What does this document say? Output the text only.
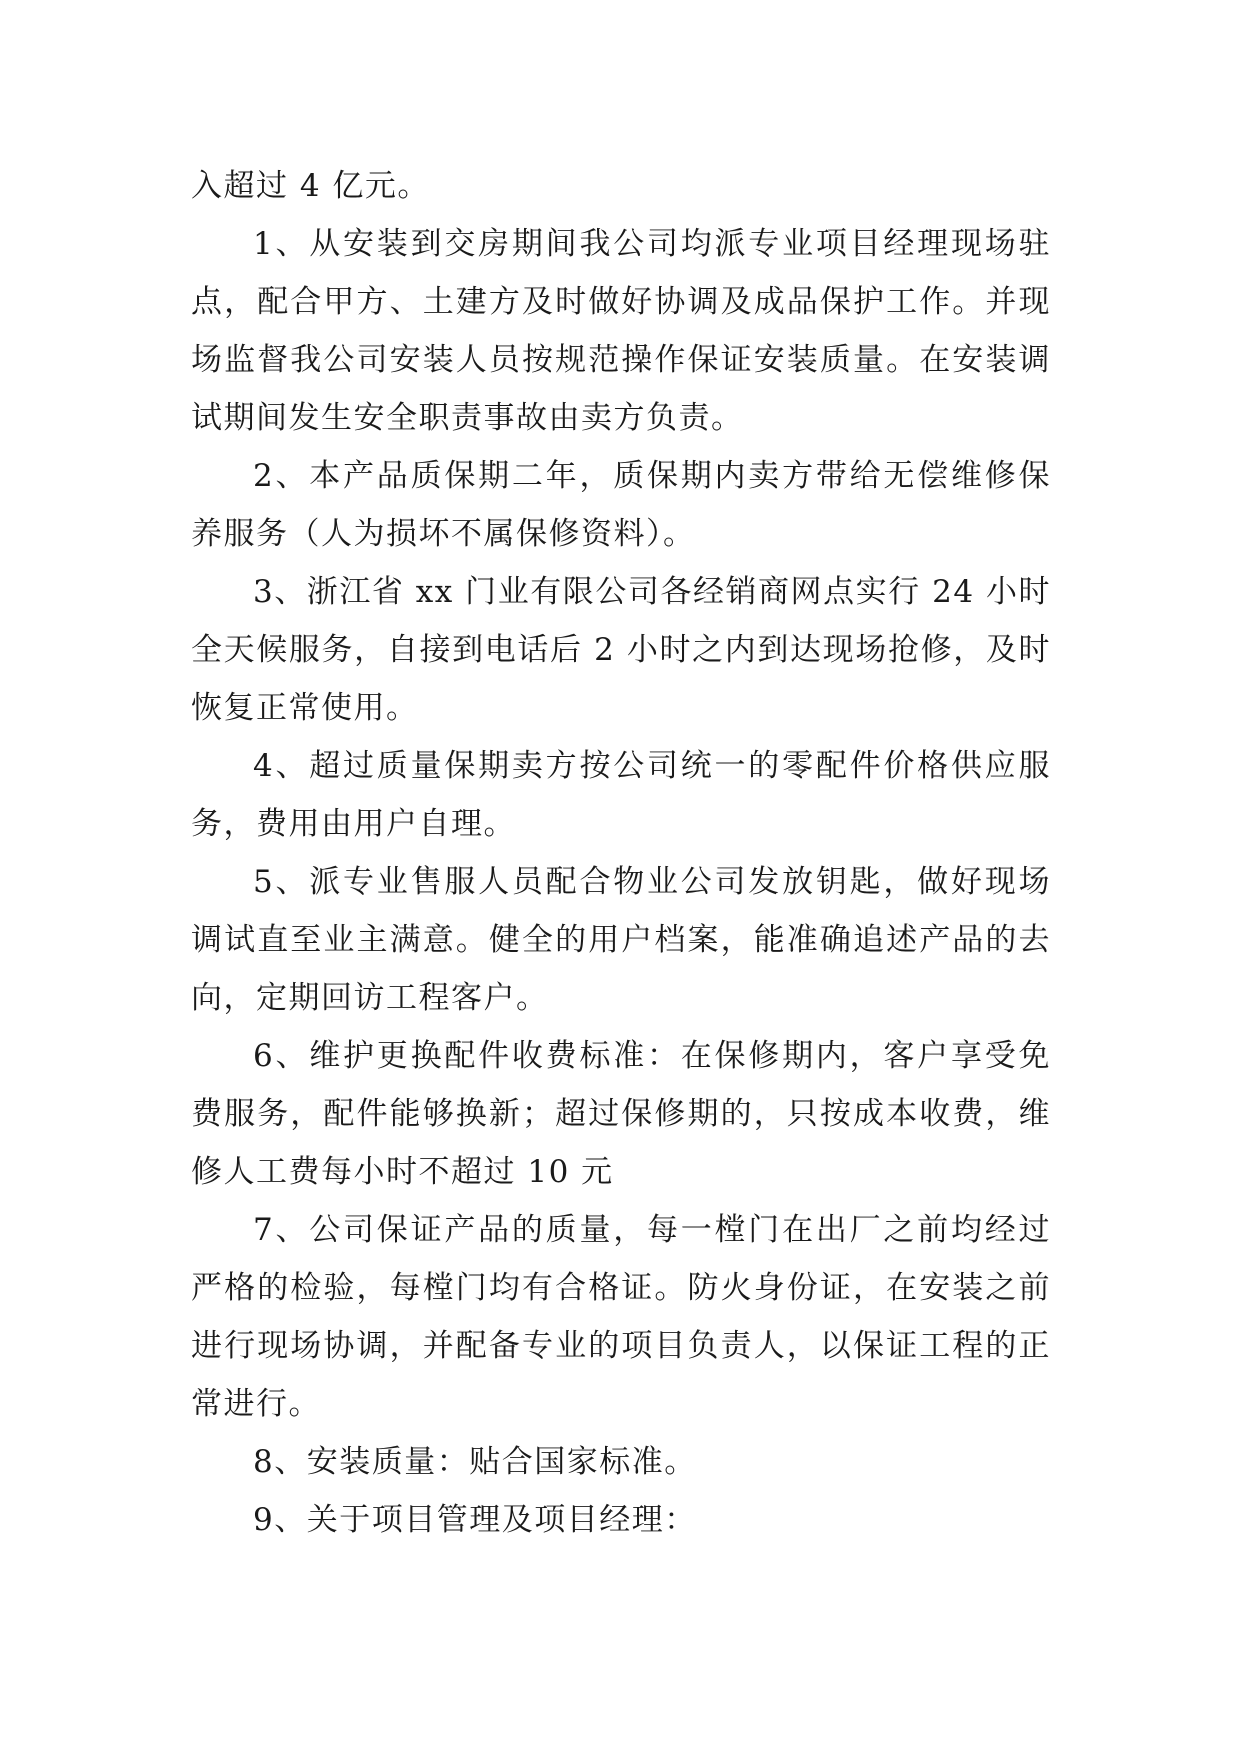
入超过 4 亿元。

1、从安装到交房期间我公司均派专业项目经理现场驻点，配合甲方、土建方及时做好协调及成品保护工作。并现场监督我公司安装人员按规范操作保证安装质量。在安装调试期间发生安全职责事故由卖方负责。

2、本产品质保期二年，质保期内卖方带给无偿维修保养服务（人为损坏不属保修资料）。

3、浙江省 xx 门业有限公司各经销商网点实行 24 小时全天候服务，自接到电话后 2 小时之内到达现场抢修，及时恢复正常使用。

4、超过质量保期卖方按公司统一的零配件价格供应服务，费用由用户自理。

5、派专业售服人员配合物业公司发放钥匙，做好现场调试直至业主满意。健全的用户档案，能准确追述产品的去向，定期回访工程客户。

6、维护更换配件收费标准：在保修期内，客户享受免费服务，配件能够换新；超过保修期的，只按成本收费，维修人工费每小时不超过 10 元

7、公司保证产品的质量，每一樘门在出厂之前均经过严格的检验，每樘门均有合格证。防火身份证，在安装之前进行现场协调，并配备专业的项目负责人，以保证工程的正常进行。

8、安装质量：贴合国家标准。

9、关于项目管理及项目经理：
